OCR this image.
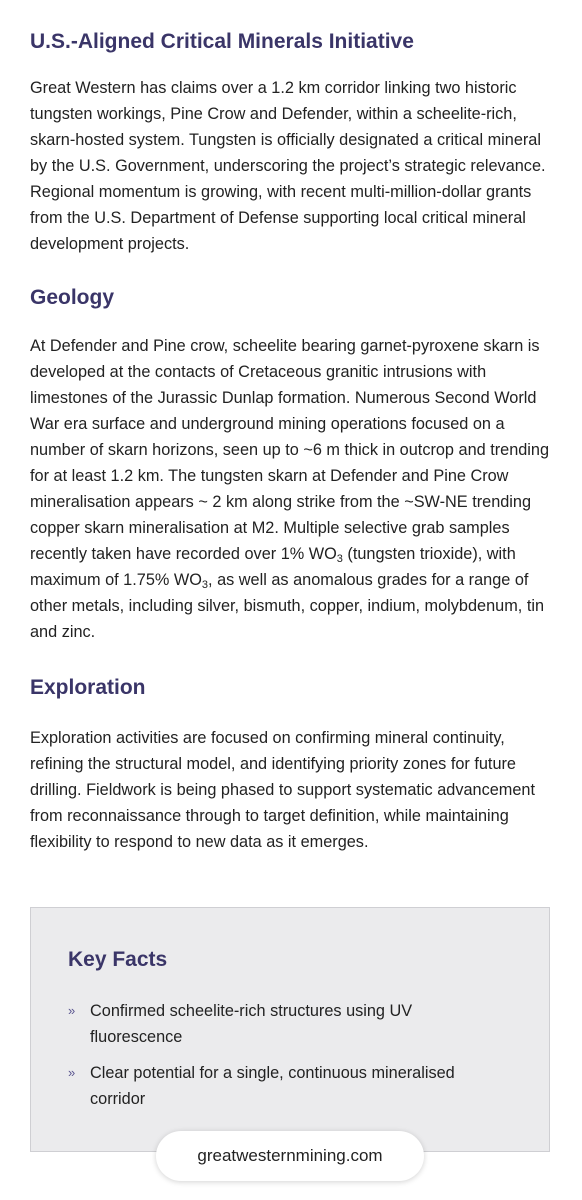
U.S.-Aligned Critical Minerals Initiative

Great Western has claims over a 1.2 km corridor linking two historic tungsten workings, Pine Crow and Defender, within a scheelite-rich, skarn-hosted system. Tungsten is officially designated a critical mineral by the U.S. Government, underscoring the project’s strategic relevance. Regional momentum is growing, with recent multi-million-dollar grants from the U.S. Department of Defense supporting local critical mineral development projects.

Geology

At Defender and Pine crow, scheelite bearing garnet-pyroxene skarn is developed at the contacts of Cretaceous granitic intrusions with limestones of the Jurassic Dunlap formation. Numerous Second World War era surface and underground mining operations focused on a number of skarn horizons, seen up to ~6 m thick in outcrop and trending for at least 1.2 km. The tungsten skarn at Defender and Pine Crow mineralisation appears ~ 2 km along strike from the ~SW-NE trending copper skarn mineralisation at M2. Multiple selective grab samples recently taken have recorded over 1% $WO_3$ (tungsten trioxide), with maximum of 1.75% $WO_3$, as well as anomalous grades for a range of other metals, including silver, bismuth, copper, indium, molybdenum, tin and zinc.

Exploration

Exploration activities are focused on confirming mineral continuity, refining the structural model, and identifying priority zones for future drilling. Fieldwork is being phased to support systematic advancement from reconnaissance through to target definition, while maintaining flexibility to respond to new data as it emerges.

Key Facts
» Confirmed scheelite-rich structures using UV fluorescence
» Clear potential for a single, continuous mineralised corridor
greatwesternmining.com
